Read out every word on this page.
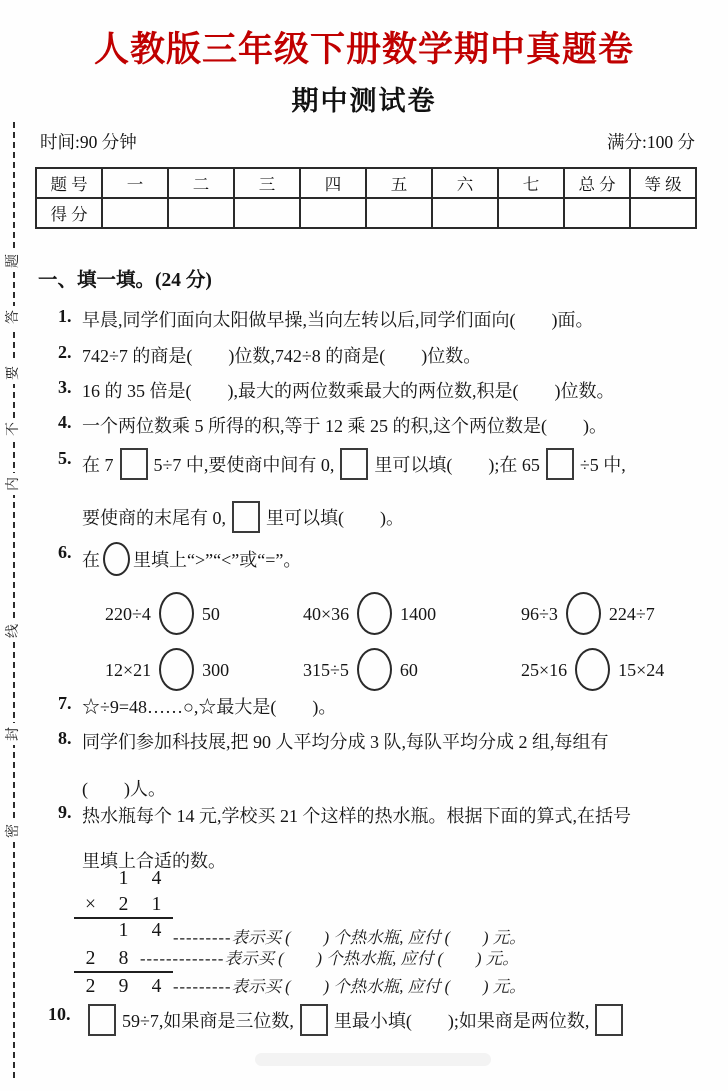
题
答
要
不
内
线
封
密
人教版三年级下册数学期中真题卷
期中测试卷
时间:90 分钟	满分:100 分
题 号	一	二	三	四	五	六	七	总 分	等 级
得 分									
一、填一填。(24 分)
1. 早晨,同学们面向太阳做早操,当向左转以后,同学们面向(　　)面。
2. 742÷7 的商是(　　)位数,742÷8 的商是(　　)位数。
3. 16 的 35 倍是(　　),最大的两位数乘最大的两位数,积是(　　)位数。
4. 一个两位数乘 5 所得的积,等于 12 乘 25 的积,这个两位数是(　　)。
5. 在 7 5÷7 中,要使商中间有 0, 里可以填(　　);在 65 ÷5 中,
要使商的末尾有 0, 里可以填(　　)。
6. 在 里填上“>”“<”或“=”。
220÷4	50	40×36	1400	96÷3	224÷7
12×21	300	315÷5	60	25×16	15×24
7. ☆÷9=48……○,☆最大是(　　)。
8. 同学们参加科技展,把 90 人平均分成 3 队,每队平均分成 2 组,每组有
(　　)人。
9. 热水瓶每个 14 元,学校买 21 个这样的热水瓶。根据下面的算式,在括号
里填上合适的数。
1	4
×	2	1
1	4 ---------表示买 (　　) 个热水瓶, 应付 (　　) 元。
2	8 -------------表示买 (　　) 个热水瓶, 应付 (　　) 元。
2	9	4 ---------表示买 (　　) 个热水瓶, 应付 (　　) 元。
10.	59÷7,如果商是三位数, 里最小填(　　);如果商是两位数,
